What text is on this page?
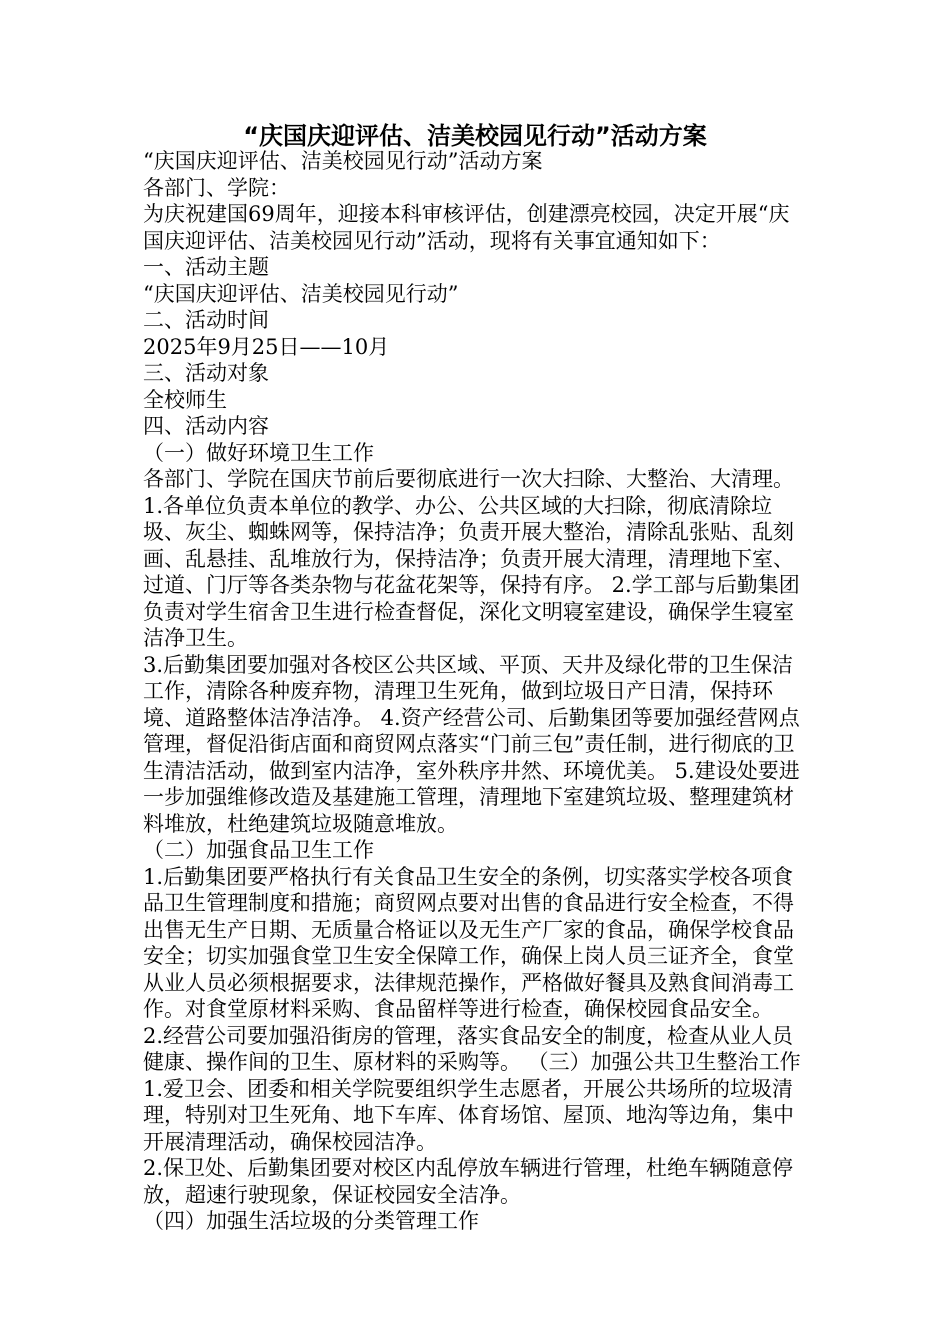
“庆国庆迎评估、洁美校园见行动”活动方案

“庆国庆迎评估、洁美校园见行动”活动方案

各部门、学院：

为庆祝建国69周年，迎接本科审核评估，创建漂亮校园，决定开展“庆国庆迎评估、洁美校园见行动”活动，现将有关事宜通知如下：

一、活动主题

“庆国庆迎评估、洁美校园见行动”

二、活动时间

2025年9月25日——10月

三、活动对象

全校师生

四、活动内容

（一）做好环境卫生工作

各部门、学院在国庆节前后要彻底进行一次大扫除、大整治、大清理。

1.各单位负责本单位的教学、办公、公共区域的大扫除，彻底清除垃圾、灰尘、蜘蛛网等，保持洁净；负责开展大整治，清除乱张贴、乱刻画、乱悬挂、乱堆放行为，保持洁净；负责开展大清理，清理地下室、过道、门厅等各类杂物与花盆花架等，保持有序。 2.学工部与后勤集团负责对学生宿舍卫生进行检查督促，深化文明寝室建设，确保学生寝室洁净卫生。

3.后勤集团要加强对各校区公共区域、平顶、天井及绿化带的卫生保洁工作，清除各种废弃物，清理卫生死角，做到垃圾日产日清，保持环境、道路整体洁净洁净。 4.资产经营公司、后勤集团等要加强经营网点管理，督促沿街店面和商贸网点落实“门前三包”责任制，进行彻底的卫生清洁活动，做到室内洁净，室外秩序井然、环境优美。 5.建设处要进一步加强维修改造及基建施工管理，清理地下室建筑垃圾、整理建筑材料堆放，杜绝建筑垃圾随意堆放。

（二）加强食品卫生工作

1.后勤集团要严格执行有关食品卫生安全的条例，切实落实学校各项食品卫生管理制度和措施；商贸网点要对出售的食品进行安全检查，不得出售无生产日期、无质量合格证以及无生产厂家的食品，确保学校食品安全；切实加强食堂卫生安全保障工作，确保上岗人员三证齐全，食堂从业人员必须根据要求，法律规范操作，严格做好餐具及熟食间消毒工作。对食堂原材料采购、食品留样等进行检查，确保校园食品安全。

2.经营公司要加强沿街房的管理，落实食品安全的制度，检查从业人员健康、操作间的卫生、原材料的采购等。 （三）加强公共卫生整治工作 1.爱卫会、团委和相关学院要组织学生志愿者，开展公共场所的垃圾清理，特别对卫生死角、地下车库、体育场馆、屋顶、地沟等边角，集中开展清理活动，确保校园洁净。

2.保卫处、后勤集团要对校区内乱停放车辆进行管理，杜绝车辆随意停放，超速行驶现象，保证校园安全洁净。

（四）加强生活垃圾的分类管理工作
